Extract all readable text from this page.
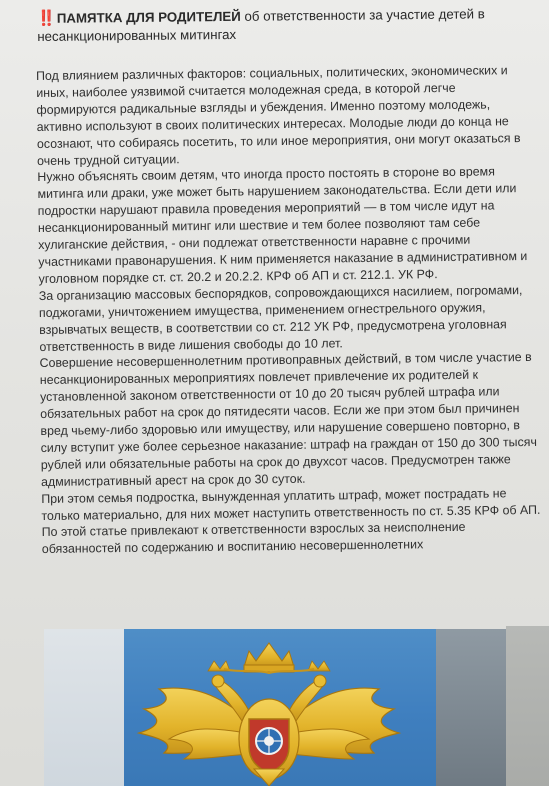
‼️ ПАМЯТКА ДЛЯ РОДИТЕЛЕЙ об ответственности за участие детей в несанкционированных митингах

Под влиянием различных факторов: социальных, политических, экономических и иных, наиболее уязвимой считается молодежная среда, в которой легче формируются радикальные взгляды и убеждения. Именно поэтому молодежь, активно используют в своих политических интересах. Молодые люди до конца не осознают, что собираясь посетить, то или иное мероприятия, они могут оказаться в очень трудной ситуации.

Нужно объяснять своим детям, что иногда просто постоять в стороне во время митинга или драки, уже может быть нарушением законодательства. Если дети или подростки нарушают правила проведения мероприятий — в том числе идут на несанкционированный митинг или шествие и тем более позволяют там себе хулиганские действия, - они подлежат ответственности наравне с прочими участниками правонарушения. К ним применяется наказание в административном и уголовном порядке ст. ст. 20.2 и 20.2.2. КРФ об АП и ст. 212.1. УК РФ.

За организацию массовых беспорядков, сопровождающихся насилием, погромами, поджогами, уничтожением имущества, применением огнестрельного оружия, взрывчатых веществ, в соответствии со ст. 212 УК РФ, предусмотрена уголовная ответственность в виде лишения свободы до 10 лет.

Совершение несовершеннолетним противоправных действий, в том числе участие в несанкционированных мероприятиях повлечет привлечение их родителей к установленной законом ответственности от 10 до 20 тысяч рублей штрафа или обязательных работ на срок до пятидесяти часов. Если же при этом был причинен вред чьему-либо здоровью или имуществу, или нарушение совершено повторно, в силу вступит уже более серьезное наказание: штраф на граждан от 150 до 300 тысяч рублей или обязательные работы на срок до двухсот часов. Предусмотрен также административный арест на срок до 30 суток.

При этом семья подростка, вынужденная уплатить штраф, может пострадать не только материально, для них может наступить ответственность по ст. 5.35 КРФ об АП.

По этой статье привлекают к ответственности взрослых за неисполнение обязанностей по содержанию и воспитанию несовершеннолетних
